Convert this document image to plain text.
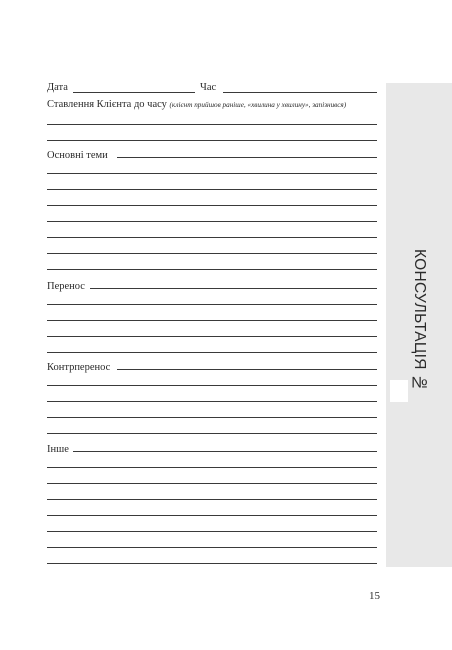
Дата	Час
Ставлення Клієнта до часу (клієнт прийшов раніше, «хвилина у хвилину», запізнився)
Основні теми
Перенос
Контрперенос
Інше
КОНСУЛЬТАЦІЯ №
15
